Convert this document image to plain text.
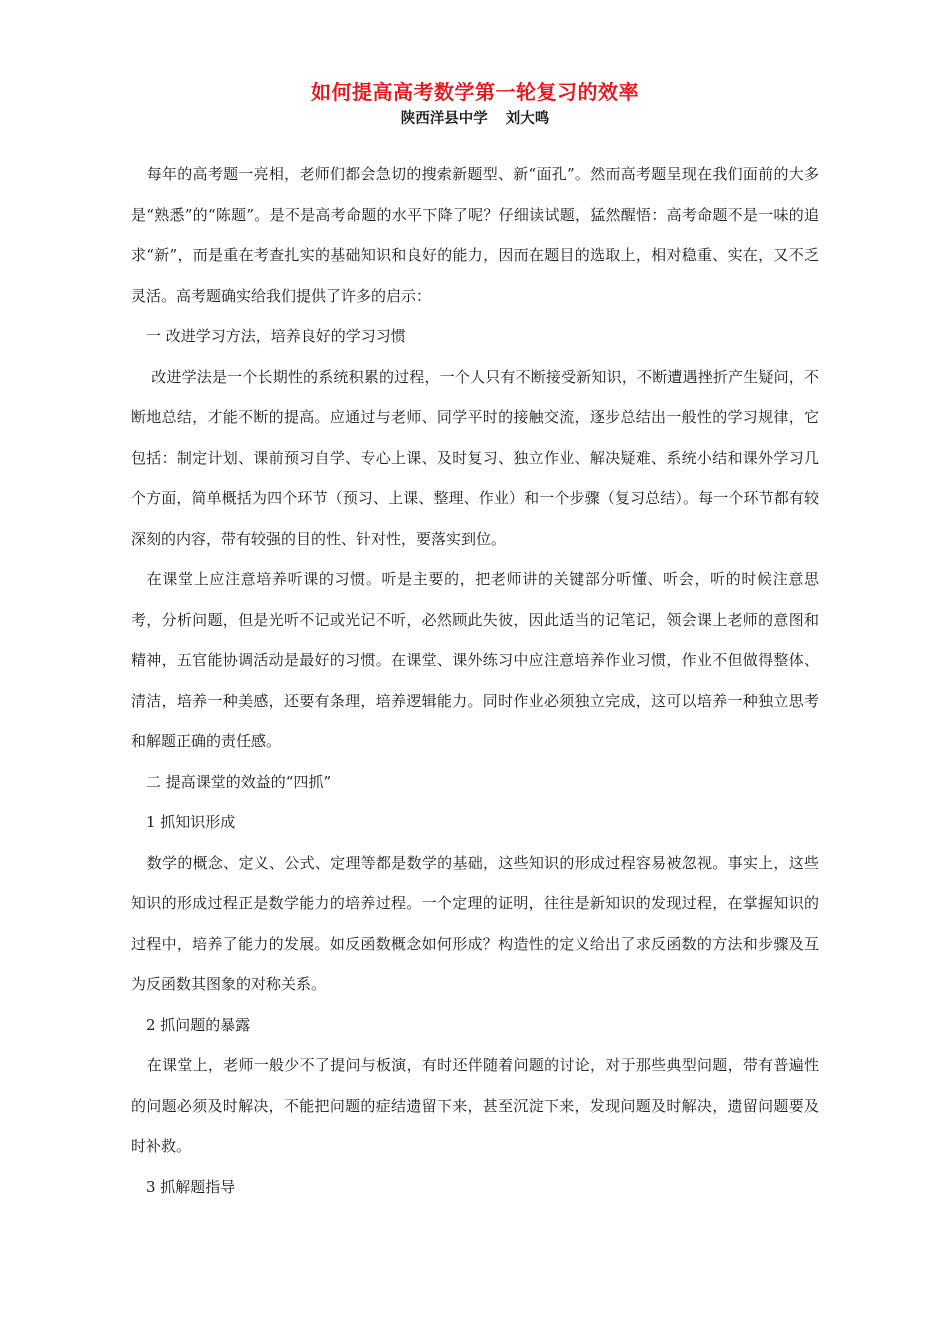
如何提高高考数学第一轮复习的效率
陕西洋县中学 刘大鸣

每年的高考题一亮相，老师们都会急切的搜索新题型、新“面孔”。然而高考题呈现在我们面前的大多是“熟悉”的“陈题”。是不是高考命题的水平下降了呢？仔细读试题，猛然醒悟：高考命题不是一味的追求“新”，而是重在考查扎实的基础知识和良好的能力，因而在题目的选取上，相对稳重、实在，又不乏灵活。高考题确实给我们提供了许多的启示：

一 改进学习方法，培养良好的学习习惯

改进学法是一个长期性的系统积累的过程，一个人只有不断接受新知识，不断遭遇挫折产生疑问，不断地总结，才能不断的提高。应通过与老师、同学平时的接触交流，逐步总结出一般性的学习规律，它包括：制定计划、课前预习自学、专心上课、及时复习、独立作业、解决疑难、系统小结和课外学习几个方面，简单概括为四个环节（预习、上课、整理、作业）和一个步骤（复习总结）。每一个环节都有较深刻的内容，带有较强的目的性、针对性，要落实到位。

在课堂上应注意培养听课的习惯。听是主要的，把老师讲的关键部分听懂、听会，听的时候注意思考，分析问题，但是光听不记或光记不听，必然顾此失彼，因此适当的记笔记，领会课上老师的意图和精神，五官能协调活动是最好的习惯。在课堂、课外练习中应注意培养作业习惯，作业不但做得整体、清洁，培养一种美感，还要有条理，培养逻辑能力。同时作业必须独立完成，这可以培养一种独立思考和解题正确的责任感。

二 提高课堂的效益的“四抓”

1 抓知识形成

数学的概念、定义、公式、定理等都是数学的基础，这些知识的形成过程容易被忽视。事实上，这些知识的形成过程正是数学能力的培养过程。一个定理的证明，往往是新知识的发现过程，在掌握知识的过程中，培养了能力的发展。如反函数概念如何形成？构造性的定义给出了求反函数的方法和步骤及互为反函数其图象的对称关系。

2 抓问题的暴露

在课堂上，老师一般少不了提问与板演，有时还伴随着问题的讨论，对于那些典型问题，带有普遍性的问题必须及时解决，不能把问题的症结遗留下来，甚至沉淀下来，发现问题及时解决，遗留问题要及时补救。

3 抓解题指导
